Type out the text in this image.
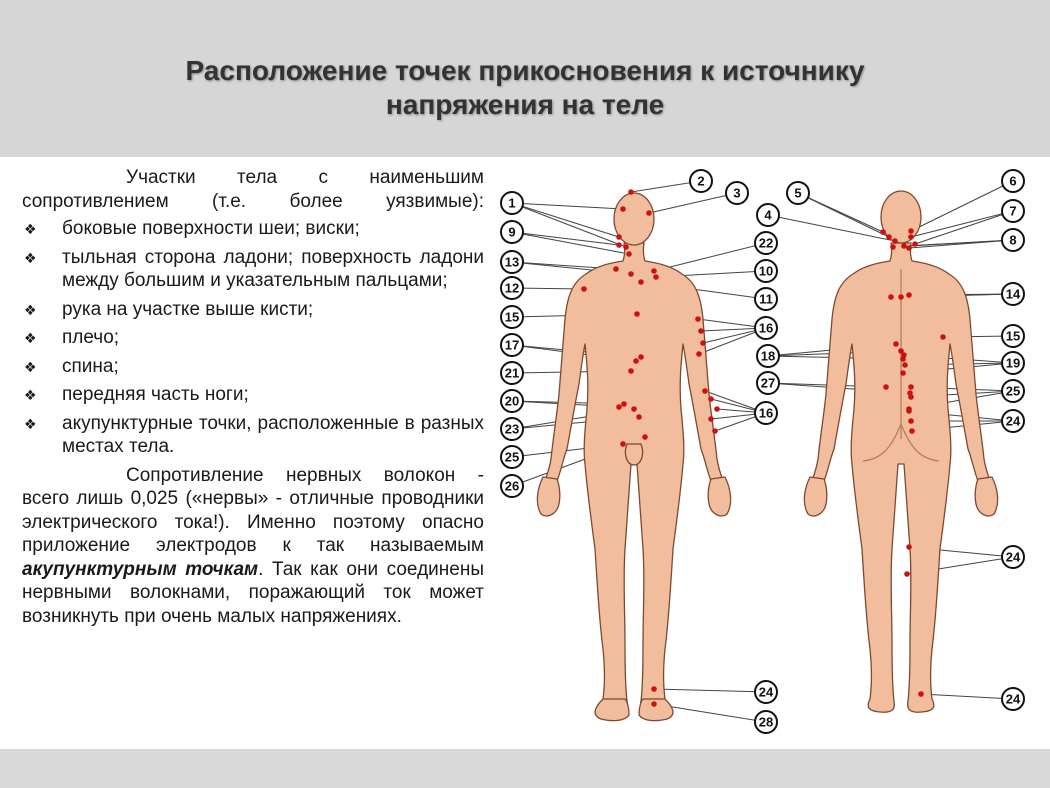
Расположение точек прикосновения к источнику
напряжения на теле

Участки тела с наименьшим сопротивлением (т.е. более уязвимые):

❖ боковые поверхности шеи; виски;
❖ тыльная сторона ладони; поверхность ладони между большим и указательным пальцами;
❖ рука на участке выше кисти;
❖ плечо;
❖ спина;
❖ передняя часть ноги;
❖ акупунктурные точки, расположенные в разных местах тела.

Сопротивление нервных волокон - всего лишь 0,025 («нервы» - отличные проводники электрического тока!). Именно поэтому опасно приложение электродов к так называемым акупунктурным точкам. Так как они соединены нервными волокнами, поражающий ток может возникнуть при очень малых напряжениях.

1
9
13
12
15
17
21
20
23
25
26
2
3
22
10
11
16
16
24
28
5
4
6
7
8
14
15
18	19
27
25
24
24
24
